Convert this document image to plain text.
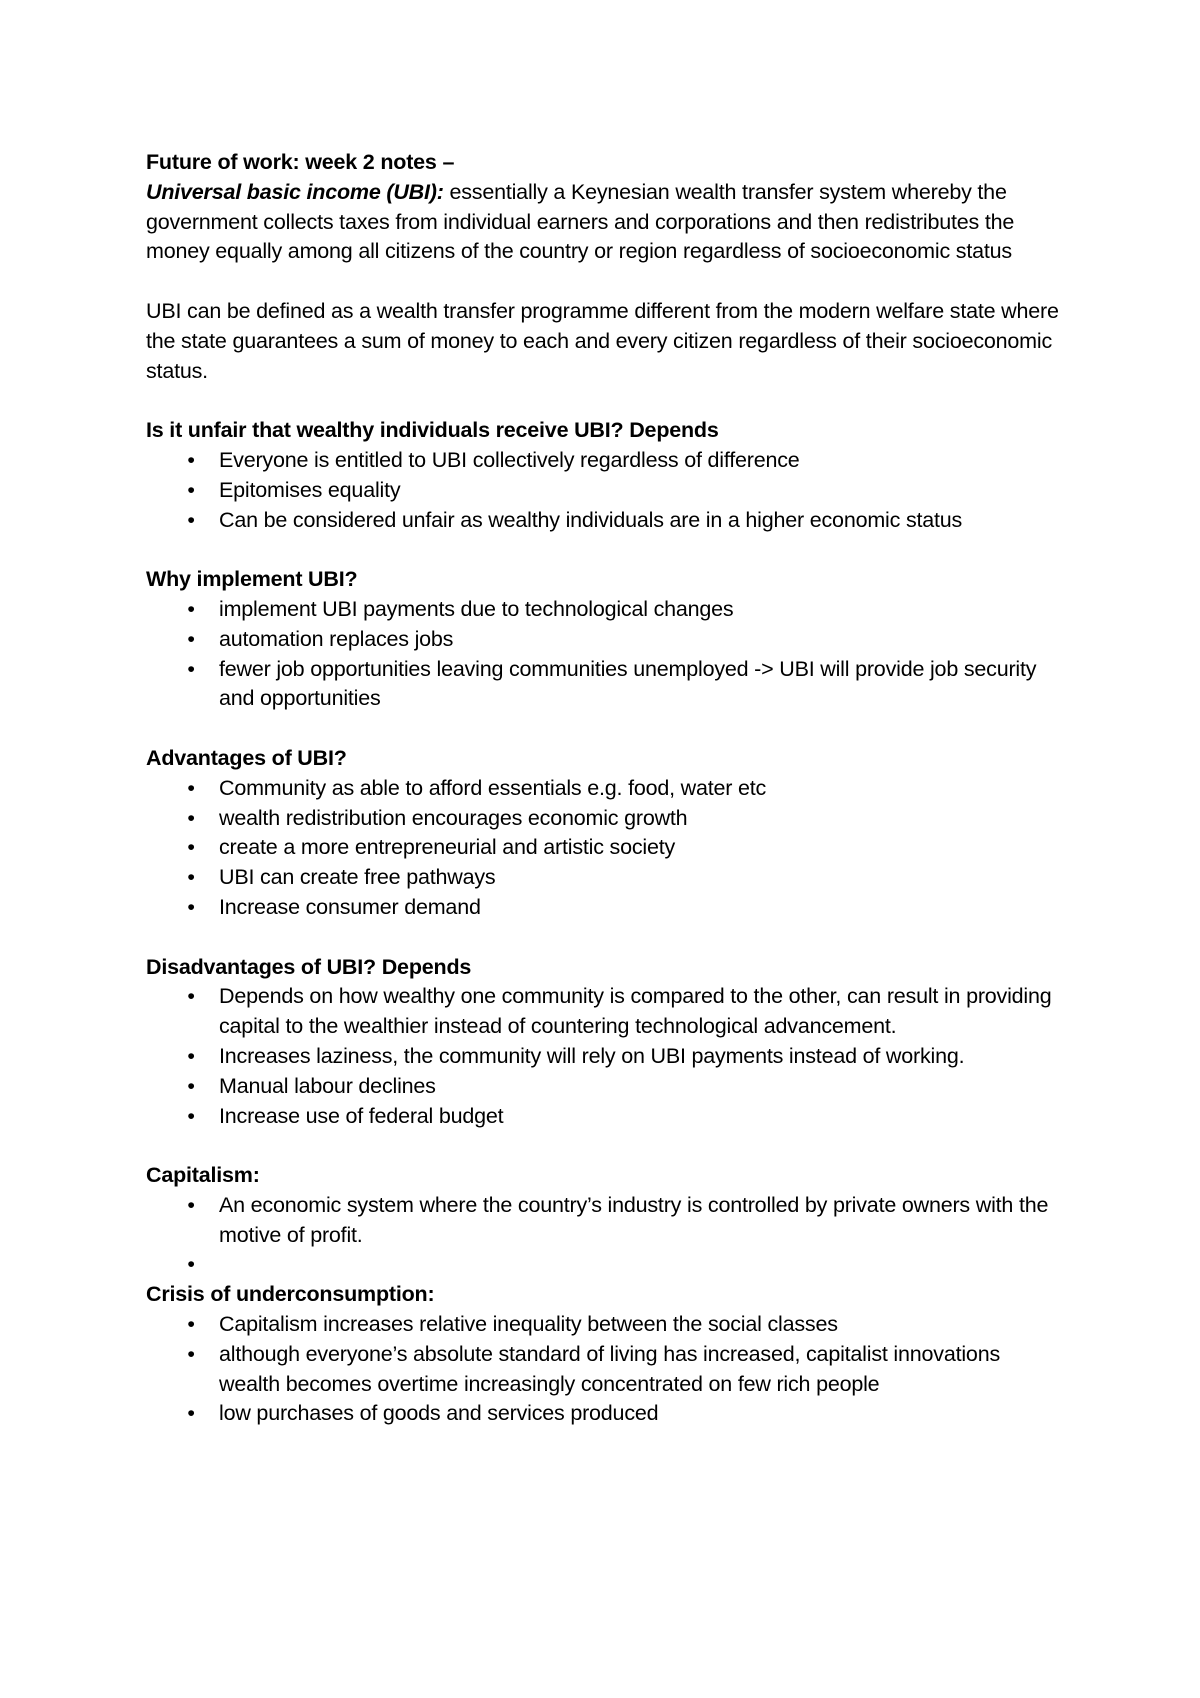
Future of work: week 2 notes –

Universal basic income (UBI): essentially a Keynesian wealth transfer system whereby the government collects taxes from individual earners and corporations and then redistributes the money equally among all citizens of the country or region regardless of socioeconomic status

UBI can be defined as a wealth transfer programme different from the modern welfare state where the state guarantees a sum of money to each and every citizen regardless of their socioeconomic status.

Is it unfair that wealthy individuals receive UBI? Depends

• Everyone is entitled to UBI collectively regardless of difference
• Epitomises equality
• Can be considered unfair as wealthy individuals are in a higher economic status

Why implement UBI?

• implement UBI payments due to technological changes
• automation replaces jobs
• fewer job opportunities leaving communities unemployed -> UBI will provide job security and opportunities

Advantages of UBI?

• Community as able to afford essentials e.g. food, water etc
• wealth redistribution encourages economic growth
• create a more entrepreneurial and artistic society
• UBI can create free pathways
• Increase consumer demand

Disadvantages of UBI? Depends

• Depends on how wealthy one community is compared to the other, can result in providing capital to the wealthier instead of countering technological advancement.
• Increases laziness, the community will rely on UBI payments instead of working.
• Manual labour declines
• Increase use of federal budget

Capitalism:

• An economic system where the country’s industry is controlled by private owners with the motive of profit.
•

Crisis of underconsumption:

• Capitalism increases relative inequality between the social classes
• although everyone’s absolute standard of living has increased, capitalist innovations wealth becomes overtime increasingly concentrated on few rich people
• low purchases of goods and services produced
